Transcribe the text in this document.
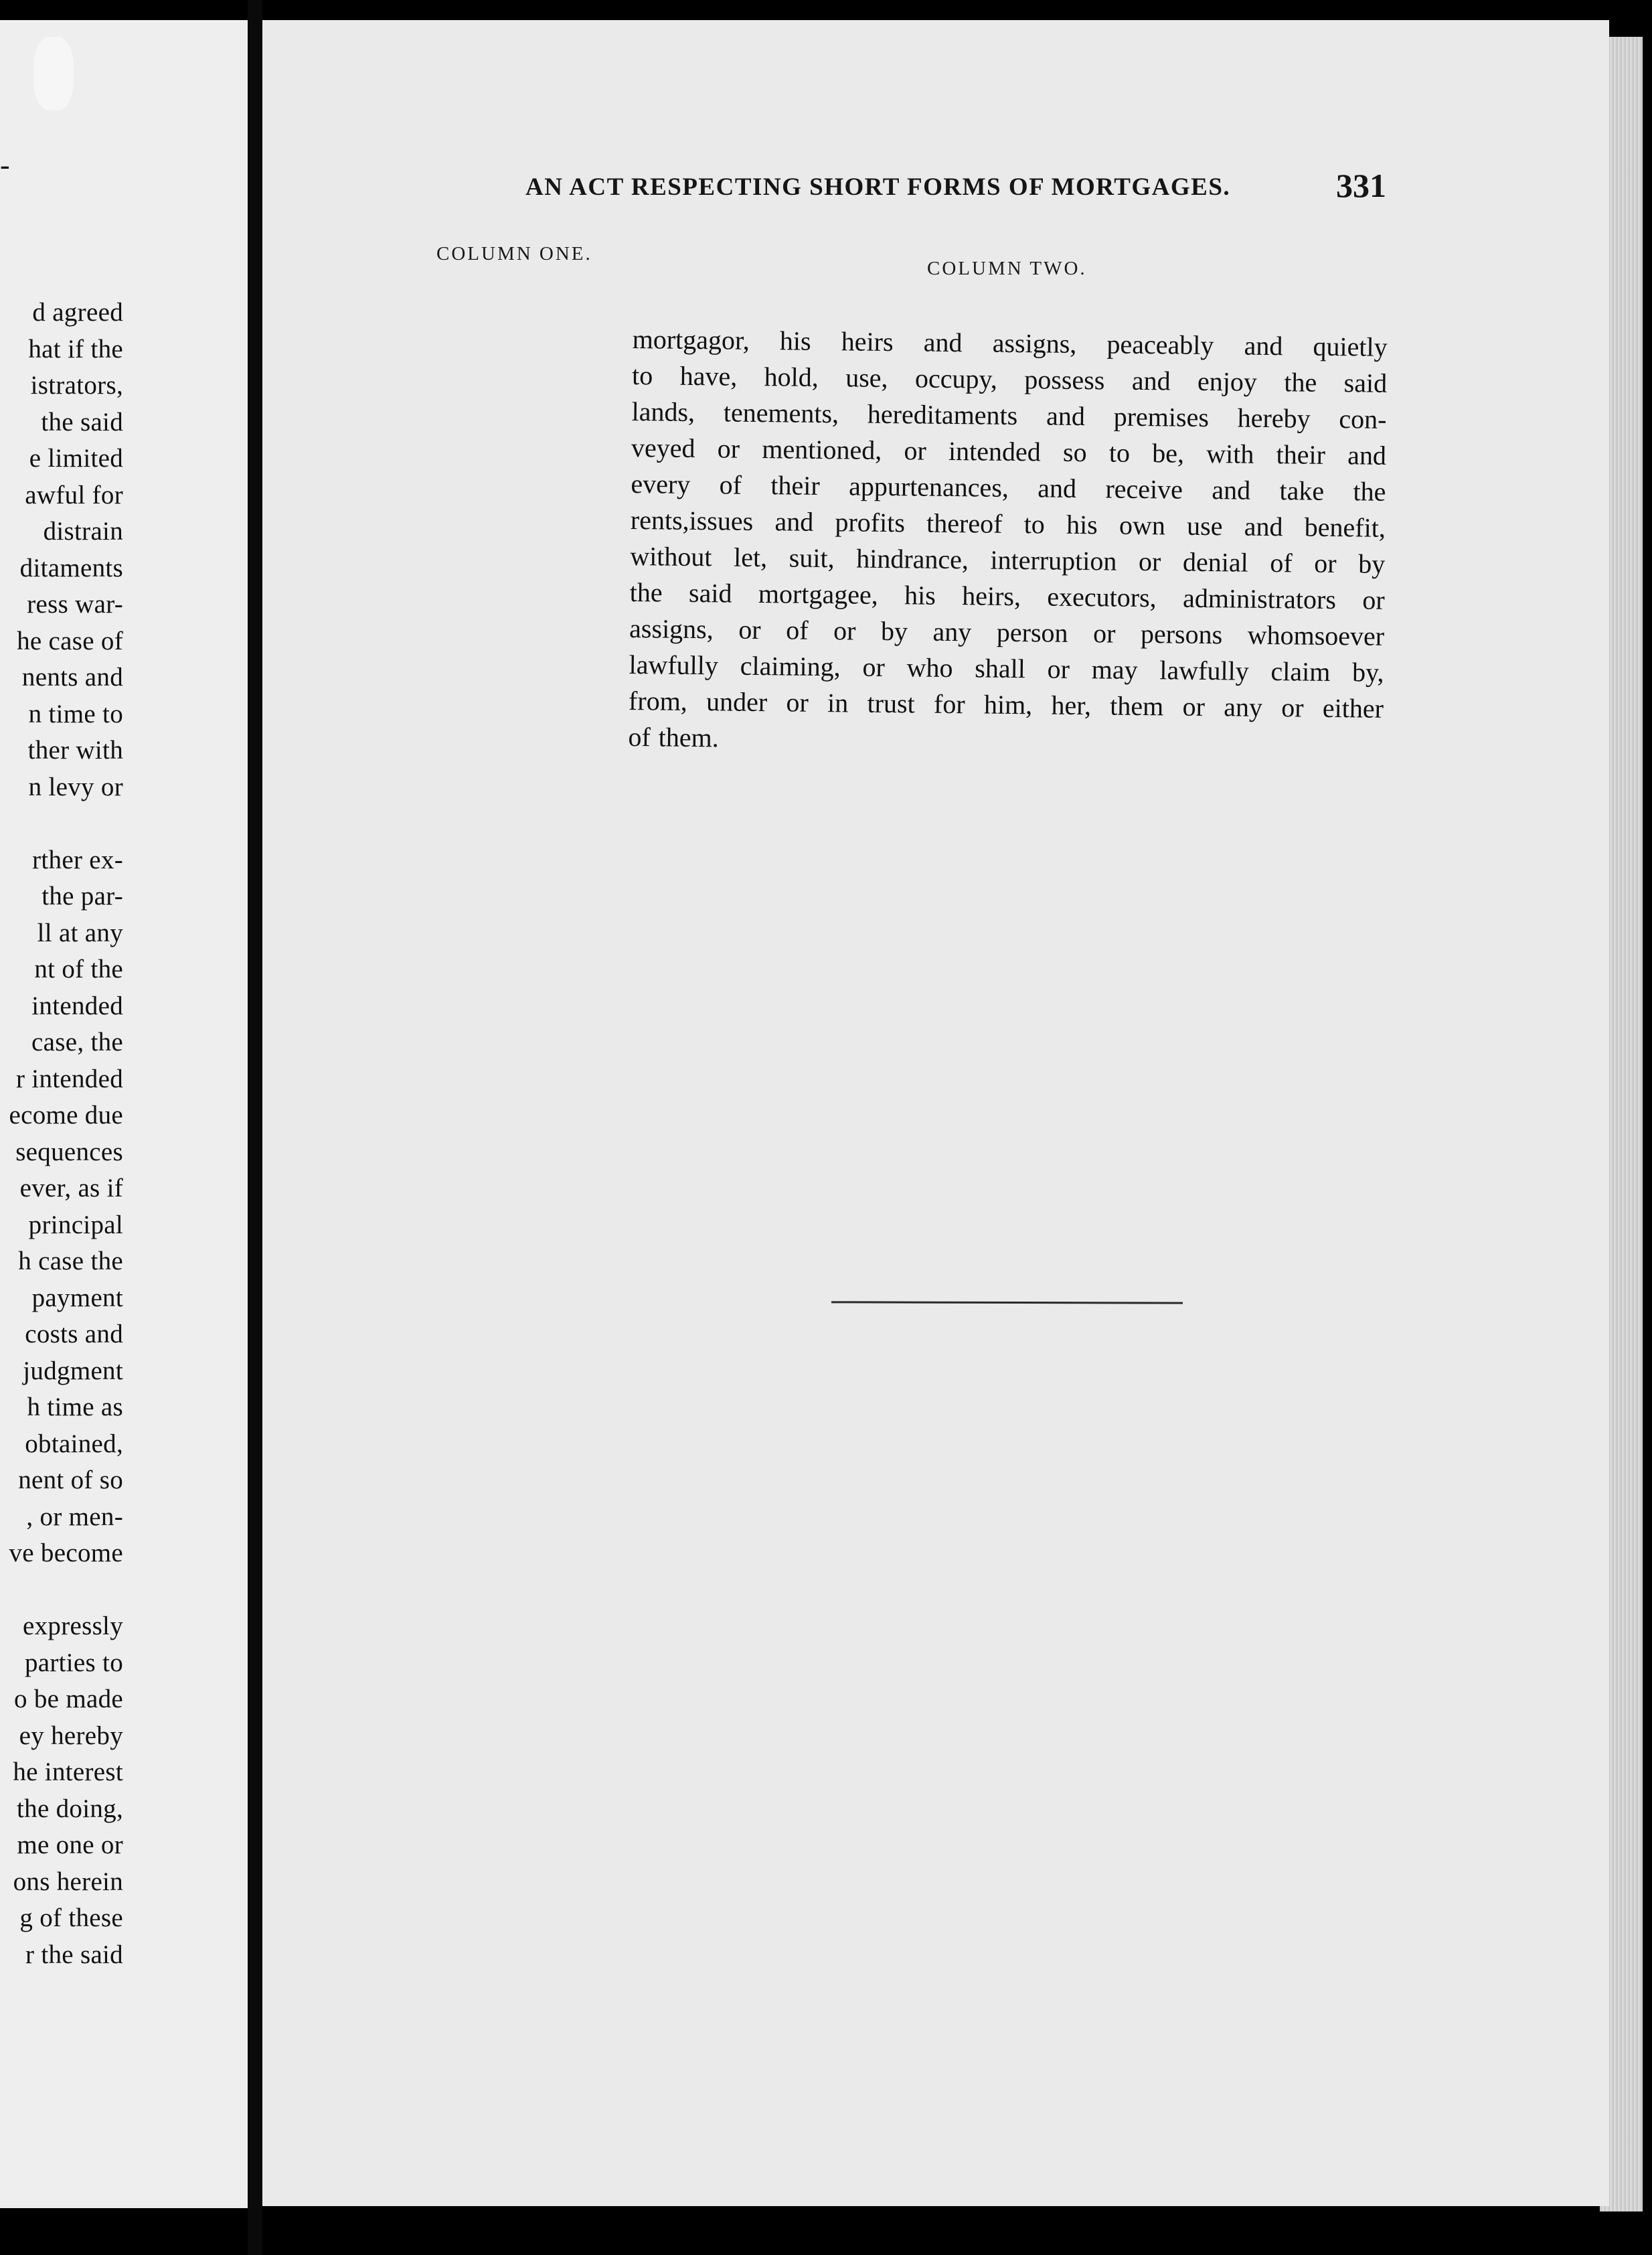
-
d agreed
hat if the
istrators,
the said
e limited
awful for
distrain
ditaments
ress war-
he case of
nents and
n time to
ther with
n levy or
rther ex-
the par-
ll at any
nt of the
intended
case, the
r intended
ecome due
sequences
ever, as if
principal
h case the
payment
costs and
judgment
h time as
obtained,
nent of so
, or men-
ve become
expressly
parties to
o be made
ey hereby
he interest
the doing,
me one or
ons herein
g of these
r the said
AN ACT RESPECTING SHORT FORMS OF MORTGAGES.	331
COLUMN ONE.
COLUMN TWO.
mortgagor, his heirs and assigns, peaceably and quietly
to have, hold, use, occupy, possess and enjoy the said
lands, tenements, hereditaments and premises hereby con-
veyed or mentioned, or intended so to be, with their and
every of their appurtenances, and receive and take the
rents,issues and profits thereof to his own use and benefit,
without let, suit, hindrance, interruption or denial of or by
the said mortgagee, his heirs, executors, administrators or
assigns, or of or by any person or persons whomsoever
lawfully claiming, or who shall or may lawfully claim by,
from, under or in trust for him, her, them or any or either
of them.
